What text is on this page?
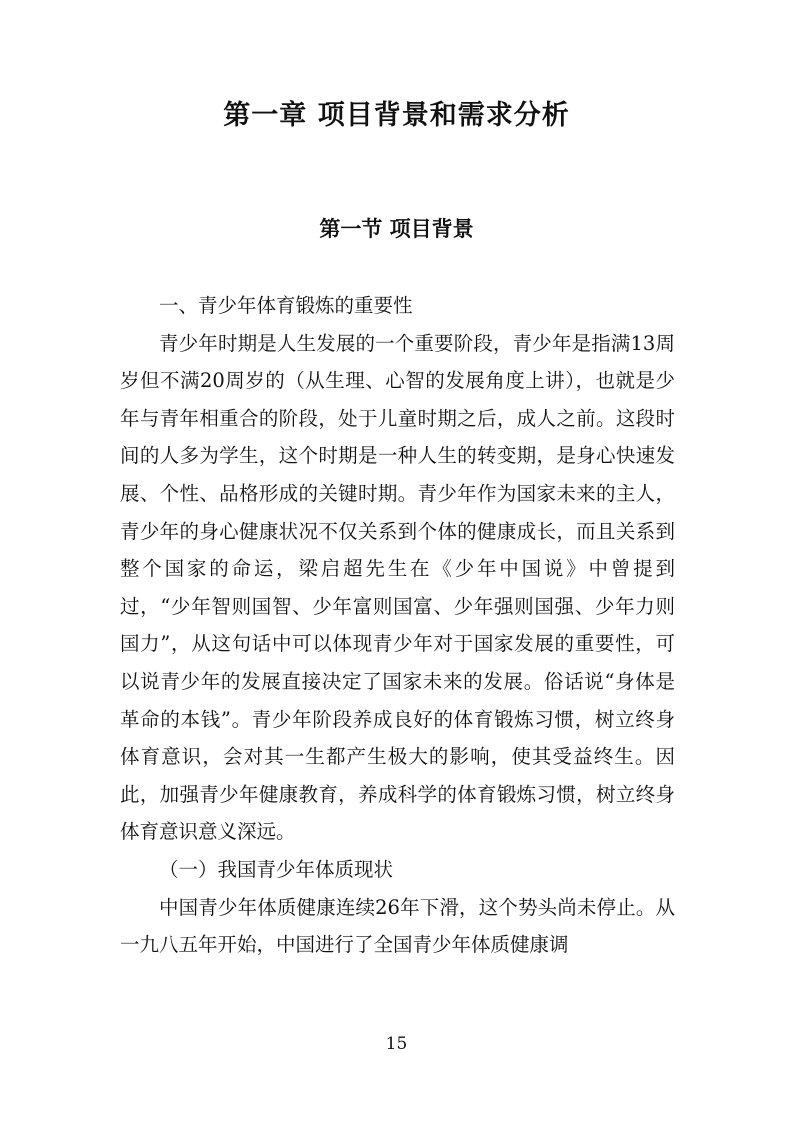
第一章 项目背景和需求分析
第一节 项目背景

一、青少年体育锻炼的重要性

青少年时期是人生发展的一个重要阶段，青少年是指满13周岁但不满20周岁的（从生理、心智的发展角度上讲），也就是少年与青年相重合的阶段，处于儿童时期之后，成人之前。这段时间的人多为学生，这个时期是一种人生的转变期，是身心快速发展、个性、品格形成的关键时期。青少年作为国家未来的主人，青少年的身心健康状况不仅关系到个体的健康成长，而且关系到整个国家的命运，梁启超先生在《少年中国说》中曾提到过，“少年智则国智、少年富则国富、少年强则国强、少年力则国力”，从这句话中可以体现青少年对于国家发展的重要性，可以说青少年的发展直接决定了国家未来的发展。俗话说“身体是革命的本钱”。青少年阶段养成良好的体育锻炼习惯，树立终身体育意识，会对其一生都产生极大的影响，使其受益终生。因此，加强青少年健康教育，养成科学的体育锻炼习惯，树立终身体育意识意义深远。

（一）我国青少年体质现状

中国青少年体质健康连续26年下滑，这个势头尚未停止。从一九八五年开始，中国进行了全国青少年体质健康调

15
